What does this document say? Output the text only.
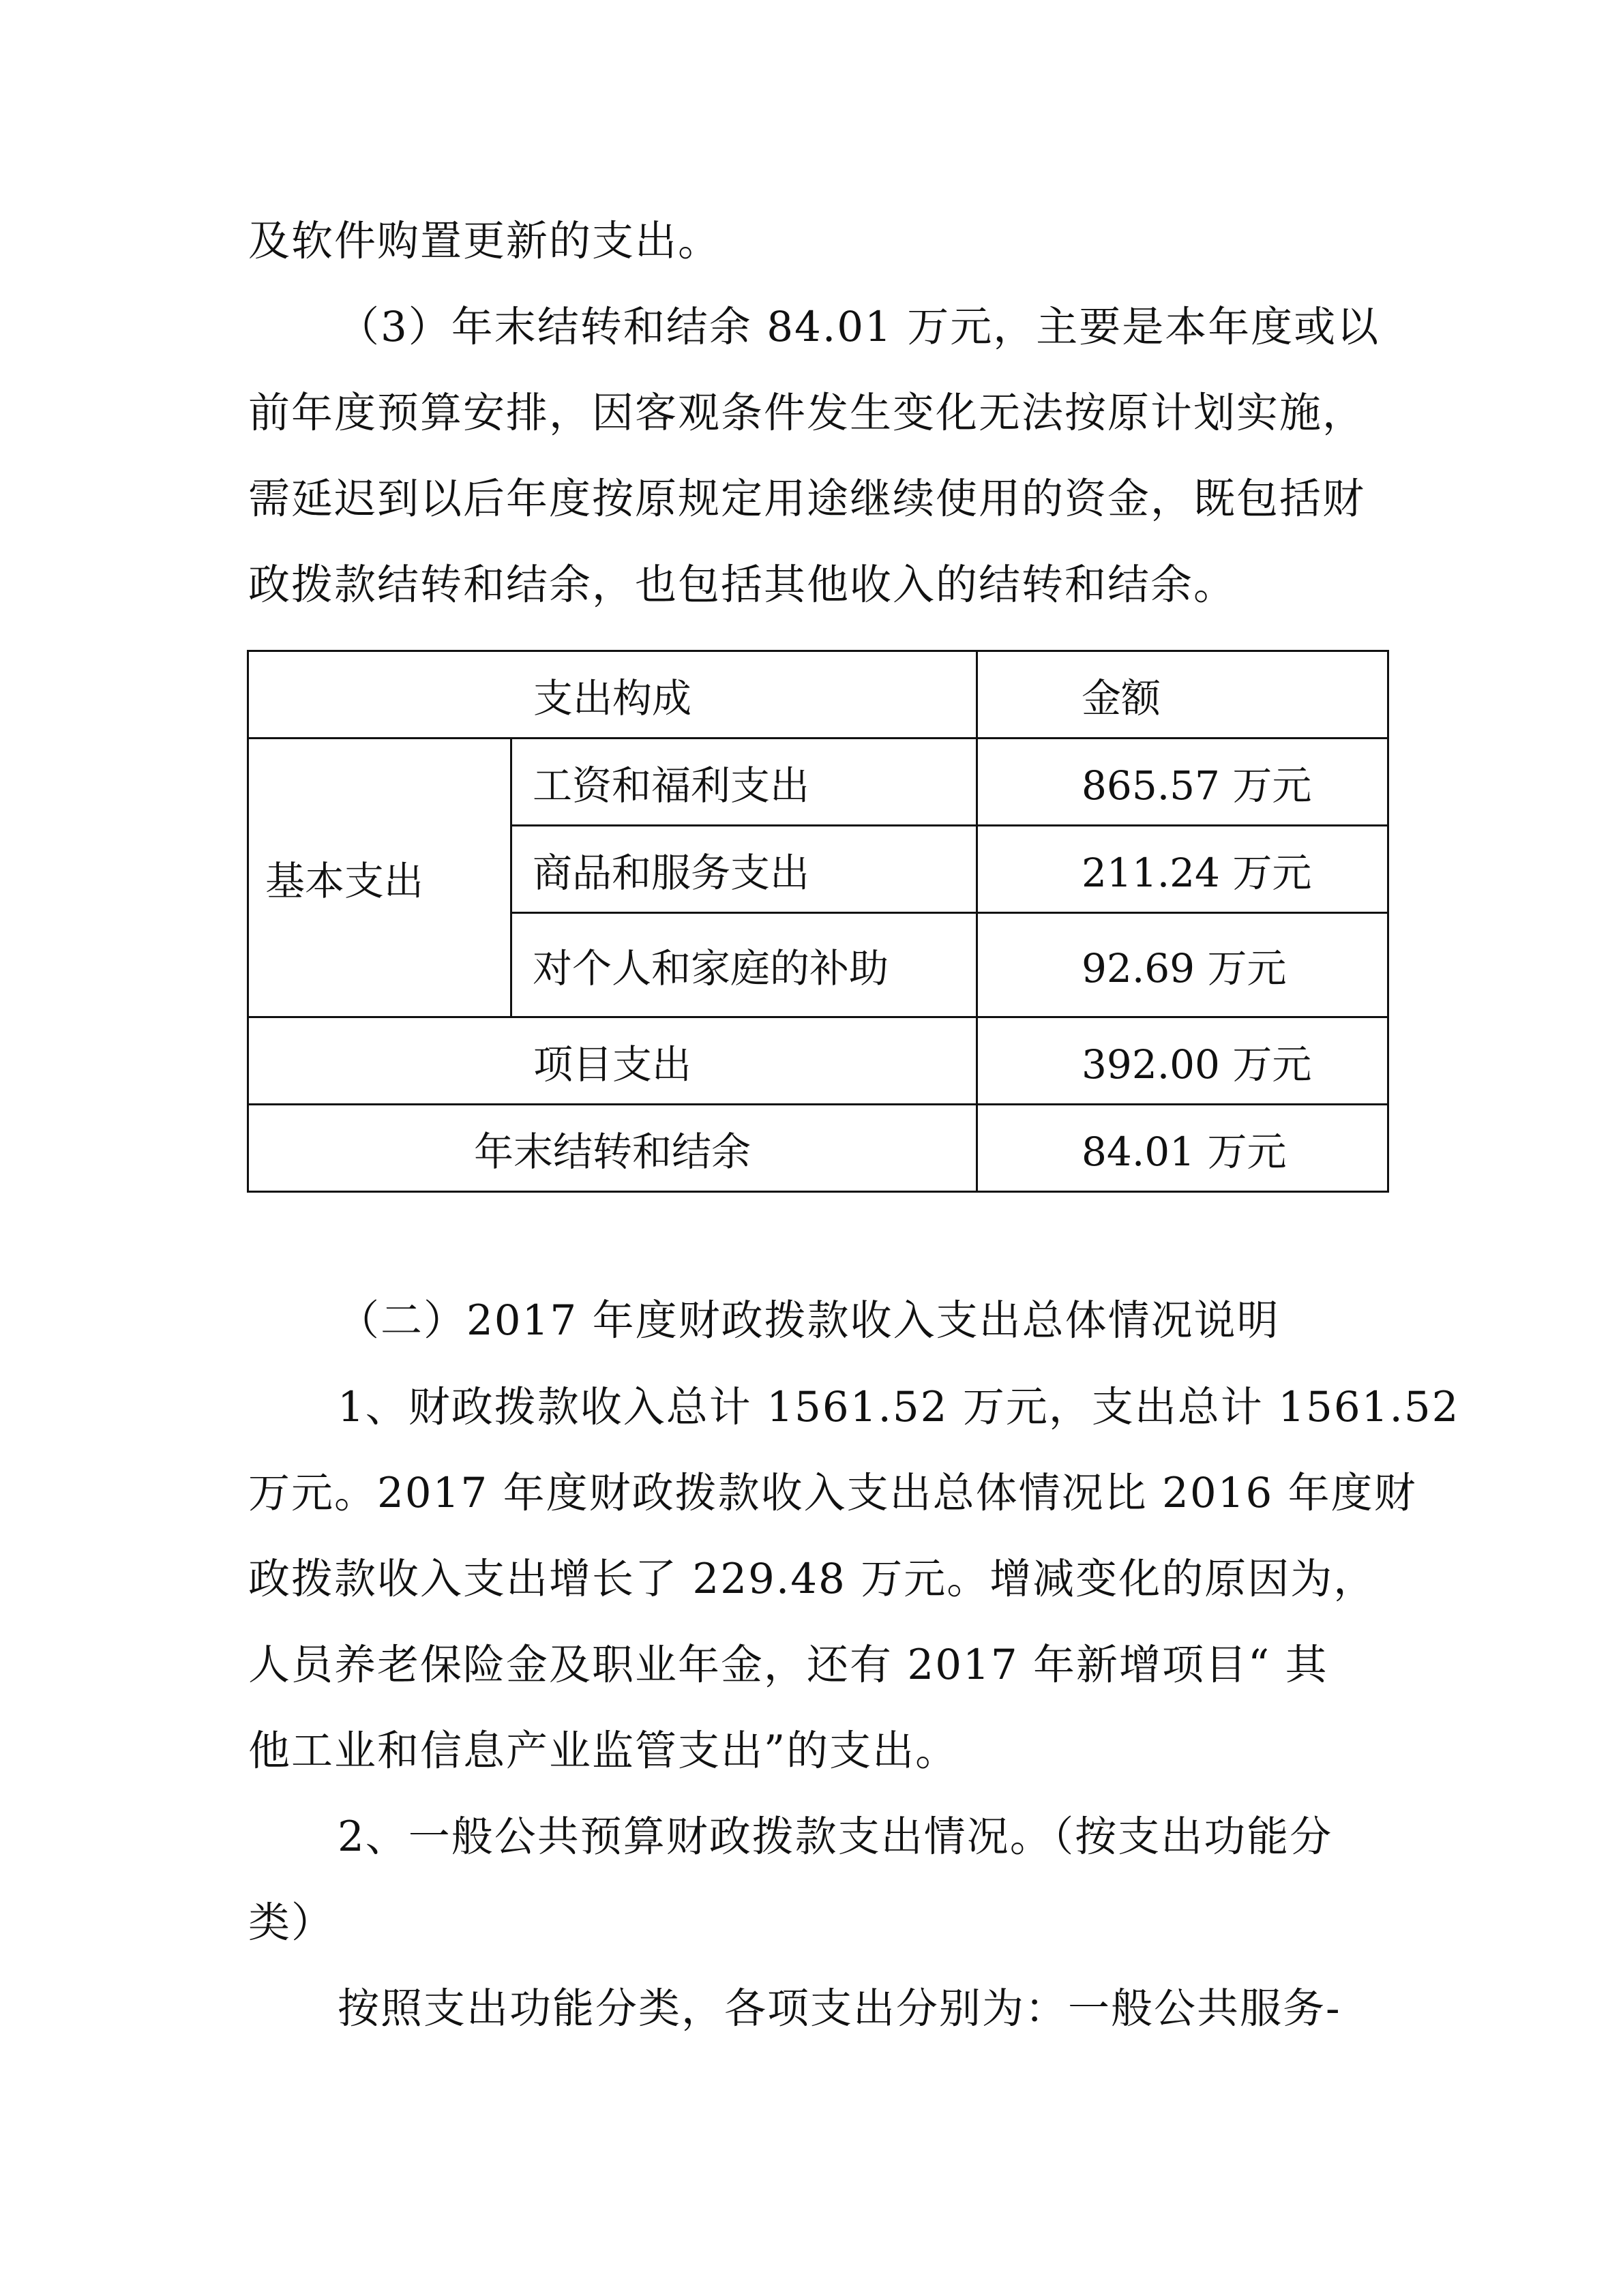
及软件购置更新的支出。
（3）年末结转和结余 84.01 万元，主要是本年度或以
前年度预算安排，因客观条件发生变化无法按原计划实施，
需延迟到以后年度按原规定用途继续使用的资金，既包括财
政拨款结转和结余，也包括其他收入的结转和结余。
支出构成		金额
基本支出	工资和福利支出	865.57 万元
	商品和服务支出	211.24 万元
	对个人和家庭的补助	92.69 万元
项目支出		392.00 万元
年末结转和结余		84.01 万元
（二）2017 年度财政拨款收入支出总体情况说明
1、财政拨款收入总计 1561.52 万元，支出总计 1561.52
万元。2017 年度财政拨款收入支出总体情况比 2016 年度财
政拨款收入支出增长了 229.48 万元。增减变化的原因为，
人员养老保险金及职业年金，还有 2017 年新增项目“ 其
他工业和信息产业监管支出”的支出。
2、一般公共预算财政拨款支出情况。（按支出功能分
类）
按照支出功能分类，各项支出分别为：一般公共服务-
